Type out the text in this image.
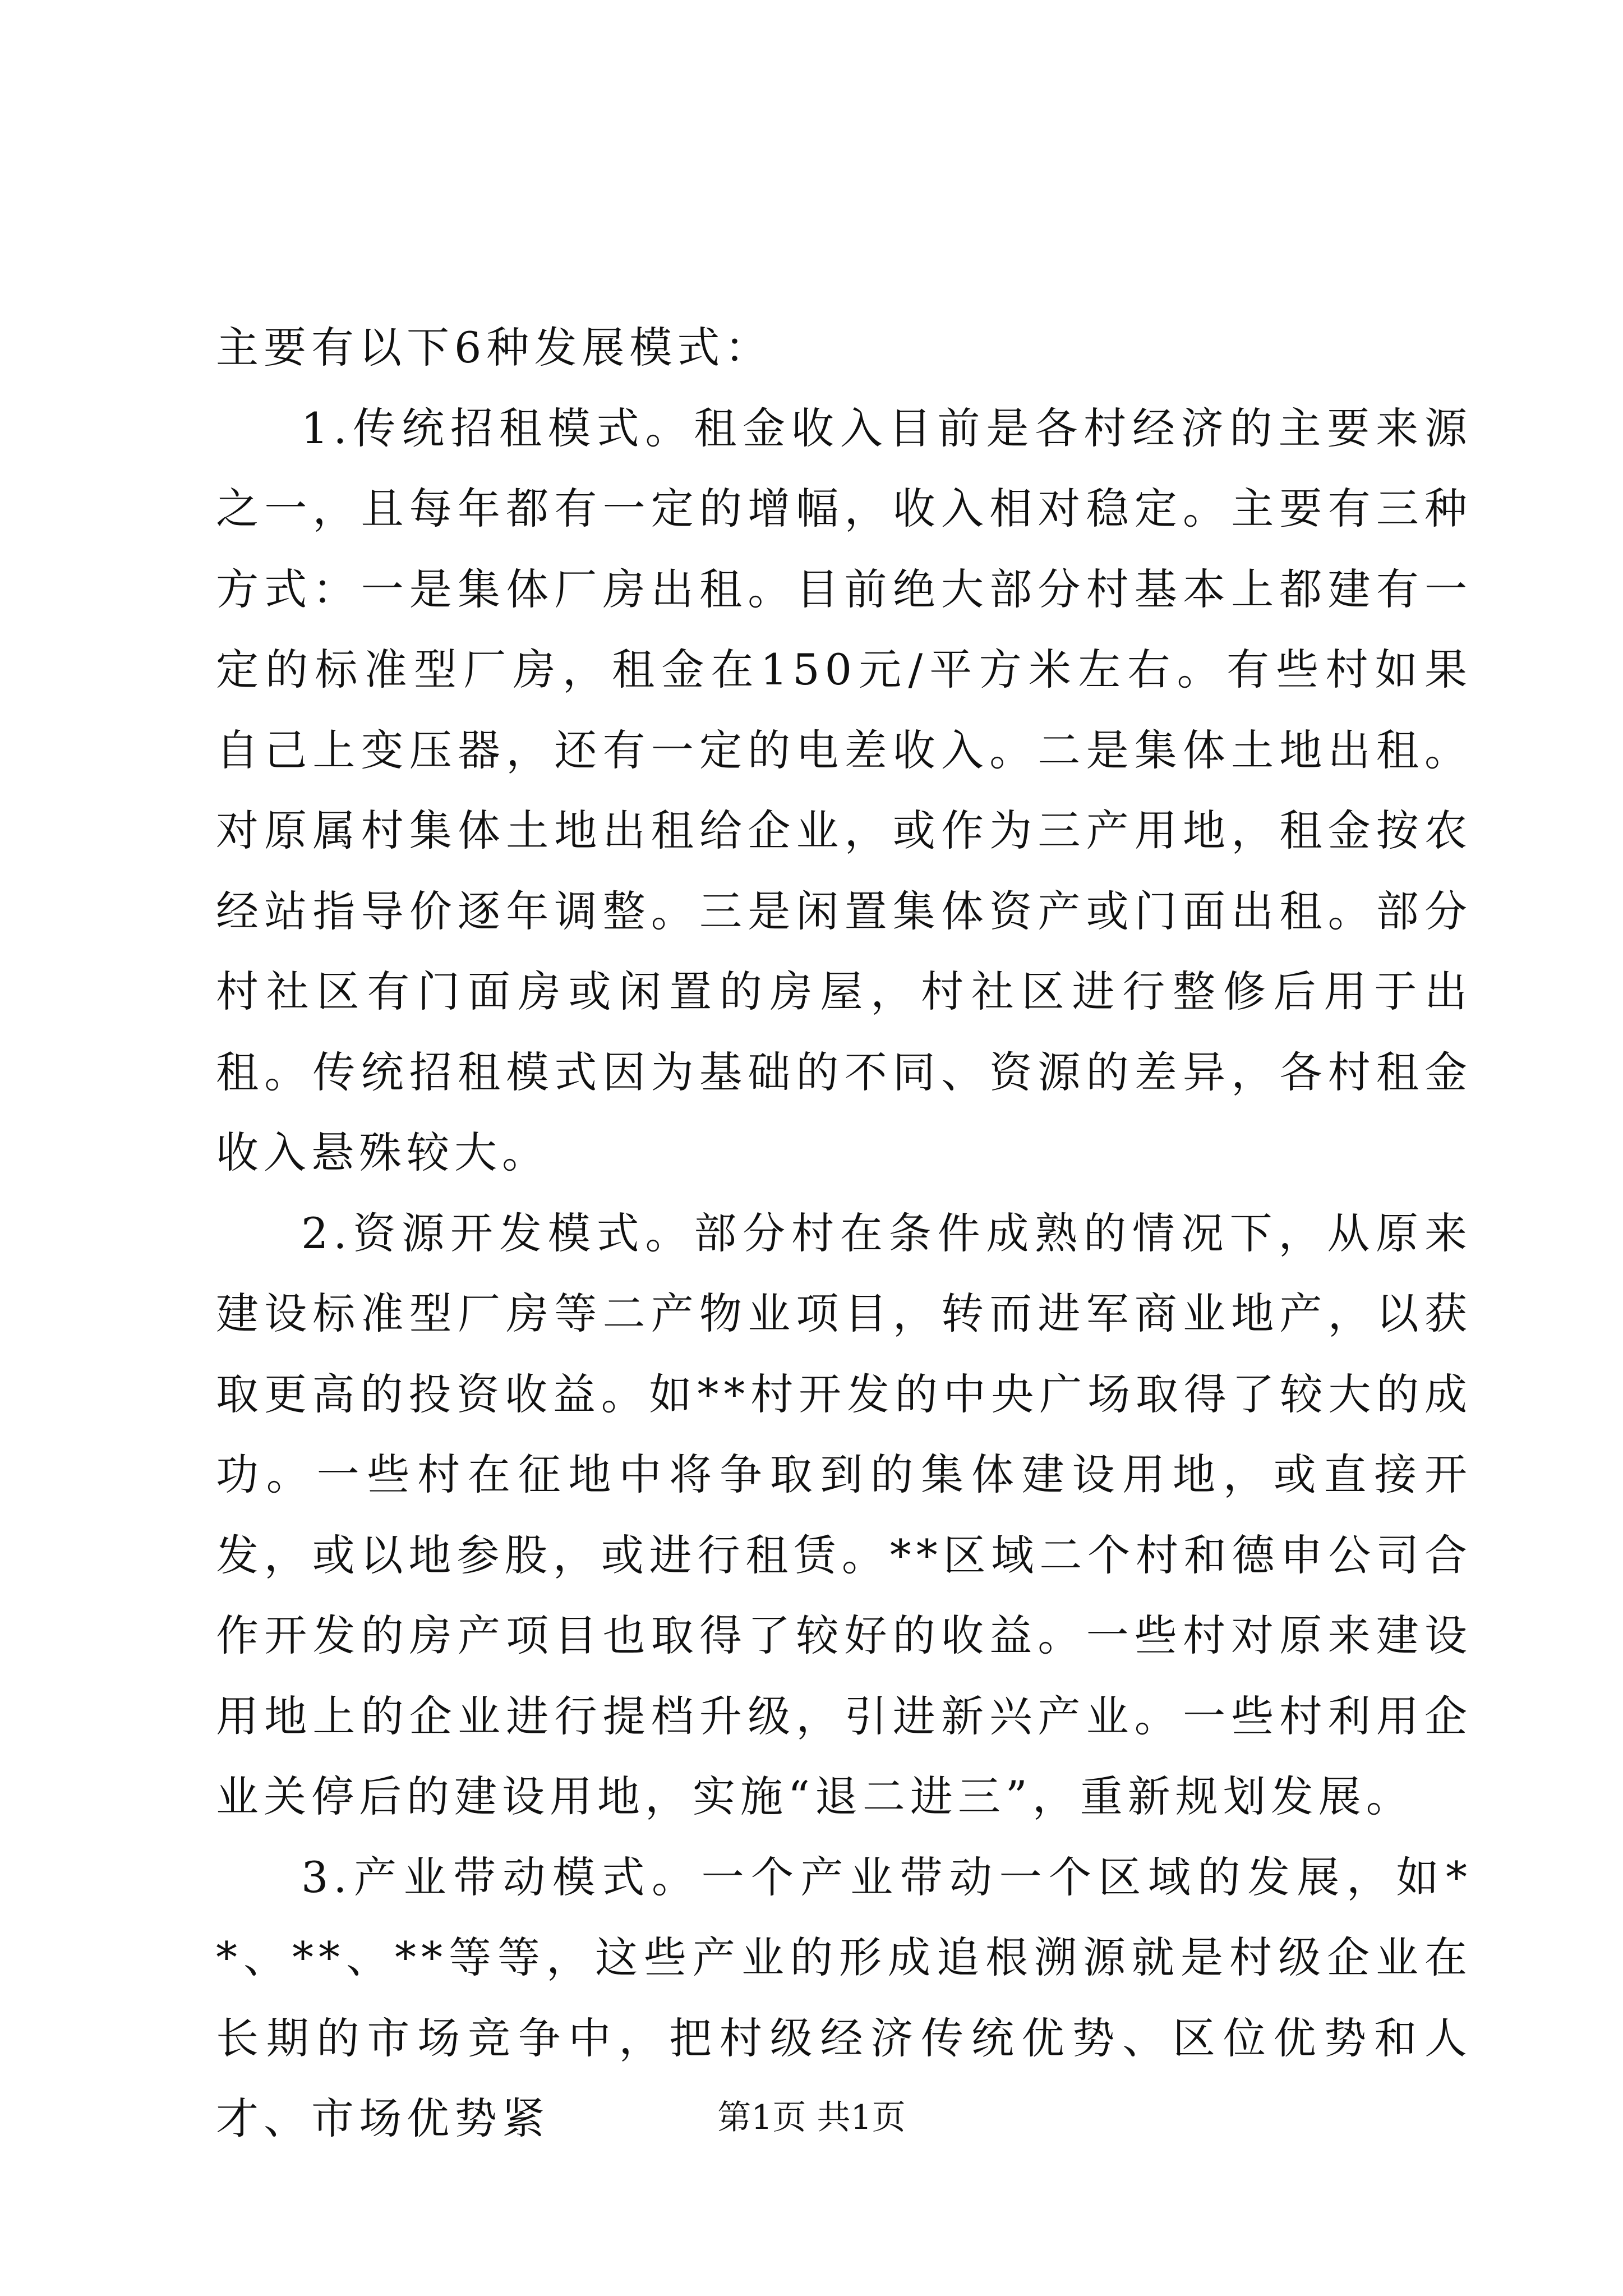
主要有以下6种发展模式：

1.传统招租模式。租金收入目前是各村经济的主要来源之一，且每年都有一定的增幅，收入相对稳定。主要有三种方式：一是集体厂房出租。目前绝大部分村基本上都建有一定的标准型厂房，租金在150元/平方米左右。有些村如果自己上变压器，还有一定的电差收入。二是集体土地出租。对原属村集体土地出租给企业，或作为三产用地，租金按农经站指导价逐年调整。三是闲置集体资产或门面出租。部分村社区有门面房或闲置的房屋，村社区进行整修后用于出租。传统招租模式因为基础的不同、资源的差异，各村租金收入悬殊较大。

2.资源开发模式。部分村在条件成熟的情况下，从原来建设标准型厂房等二产物业项目，转而进军商业地产，以获取更高的投资收益。如**村开发的中央广场取得了较大的成功。一些村在征地中将争取到的集体建设用地，或直接开发，或以地参股，或进行租赁。**区域二个村和德申公司合作开发的房产项目也取得了较好的收益。一些村对原来建设用地上的企业进行提档升级，引进新兴产业。一些村利用企业关停后的建设用地，实施“退二进三”，重新规划发展。

3.产业带动模式。一个产业带动一个区域的发展，如**、**、**等等，这些产业的形成追根溯源就是村级企业在长期的市场竞争中，把村级经济传统优势、区位优势和人才、市场优势紧	第1页 共1页
